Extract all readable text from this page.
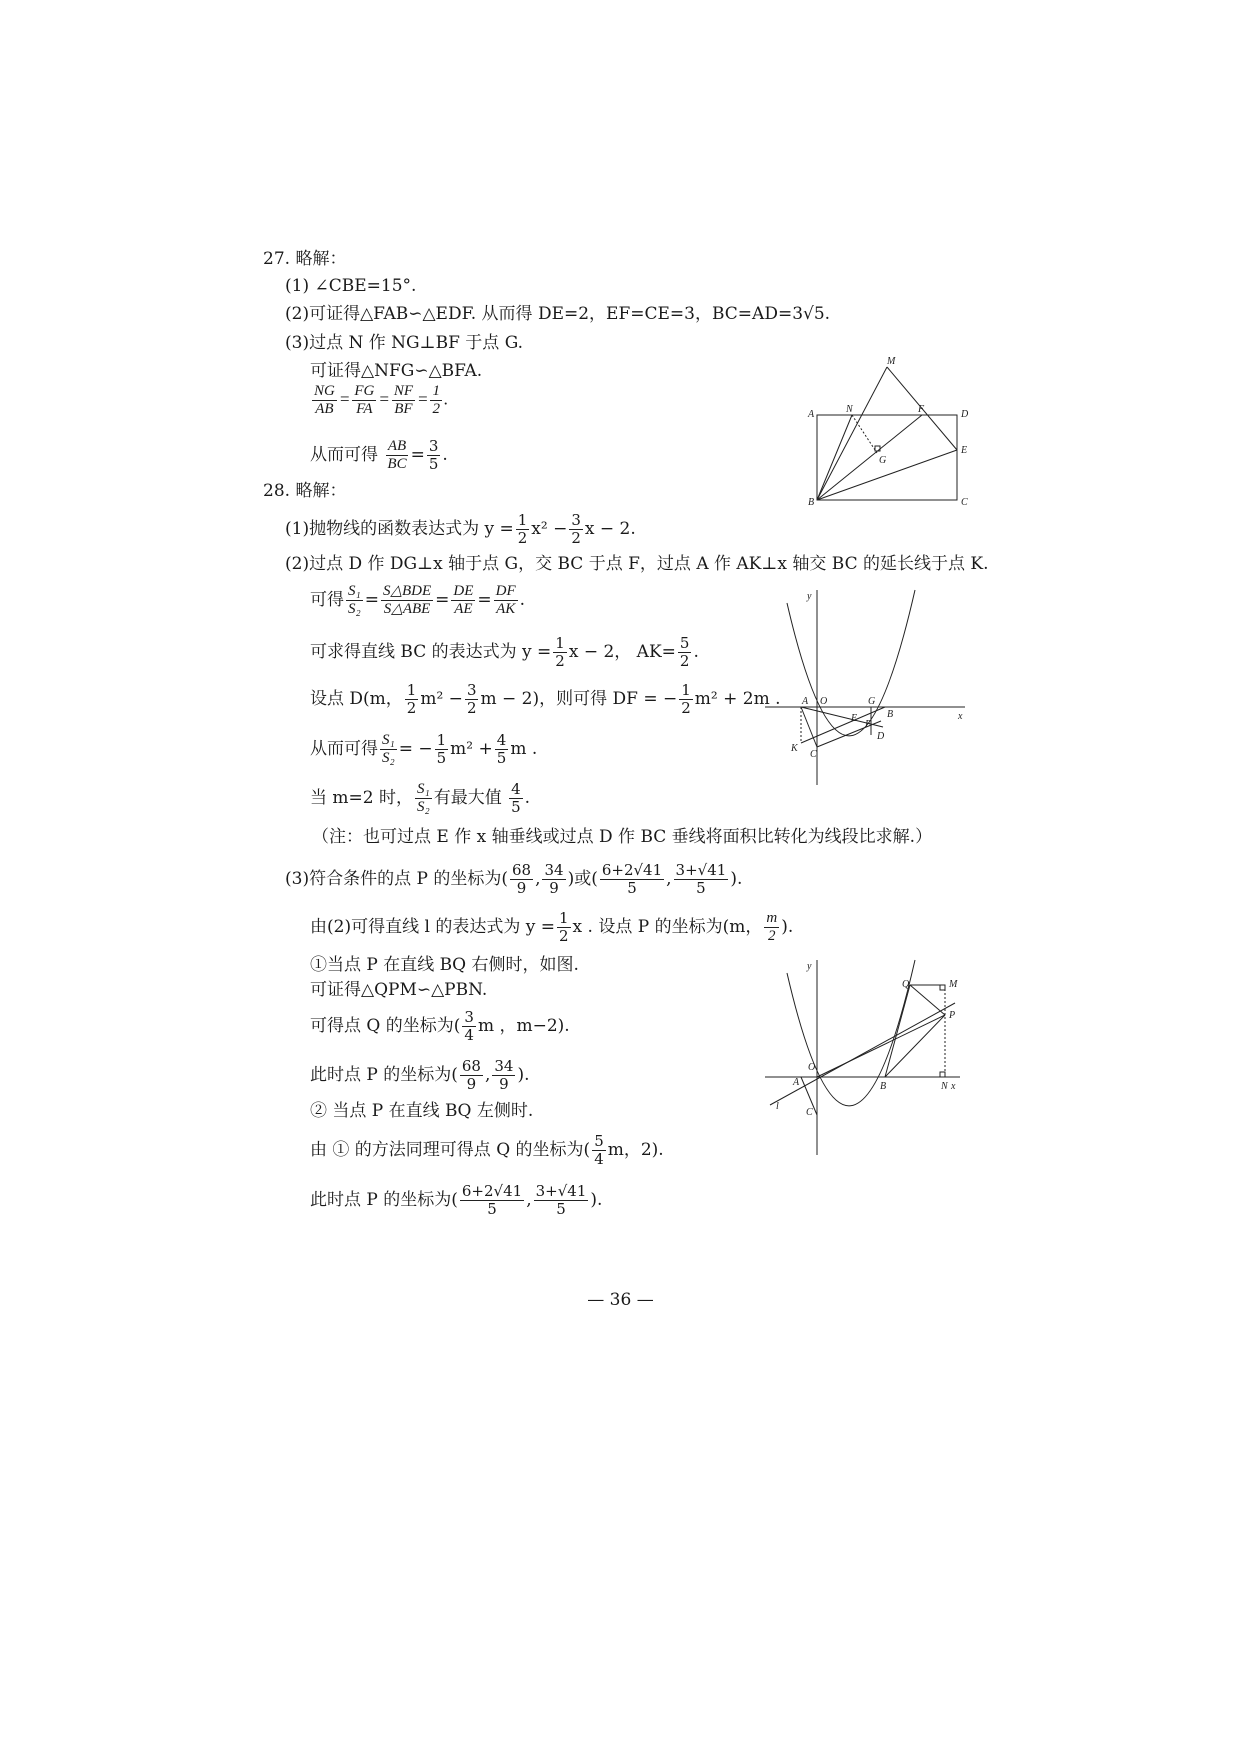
27. 略解：
(1) ∠CBE=15°.
(2)可证得△FAB∽△EDF. 从而得 DE=2，EF=CE=3，BC=AD=3√5.
(3)过点 N 作 NG⊥BF 于点 G.
可证得△NFG∽△BFA.
$\frac{NG}{AB} = \frac{FG}{FA} = \frac{NF}{BF} = \frac{1}{2}$ .
从而可得 $\frac{AB}{BC} = \frac{3}{5}$ .
M
A	N	F	D
G
E
B	C
28. 略解：
(1)抛物线的函数表达式为 $y = \frac{1}{2} x^2 - \frac{3}{2}$ x − 2.
(2)过点 D 作 DG⊥x 轴于点 G，交 BC 于点 F，过点 A 作 AK⊥x 轴交 BC 的延长线于点 K.
可得 $\frac{\text{S₁}}{\text{S₂}}$ = S△BDE
S△ABE = $\frac{DE}{AE} = \frac{DF}{AK}$ .
可求得直线 BC 的表达式为 $y = \frac{1}{2}$ x − 2， $AK= \frac{5}{2}$ .
设点 D(m， $\frac{1}{2} m^2 - \frac{3}{2}$ m − 2)，则可得 DF = − $\frac{1}{2} m^2 + 2m$ .
从而可得 $\frac{\text{S₁}}{\text{S₂}}$ = − $\frac{1}{5} m^2 + \frac{4}{5}$ m .
当 m=2 时， $\frac{\text{S₁}}{\text{S₂}}$ 有最大值 $\frac{4}{5}$ .
（注：也可过点 E 作 x 轴垂线或过点 D 作 BC 垂线将面积比转化为线段比求解.）
(3)符合条件的点 P 的坐标为( $\frac{68}{9}$ , $\frac{34}{9}$ )或( $\frac{6+2√41}{5}$ , $\frac{3+√41}{5}$ ).
由(2)可得直线 l 的表达式为 $y = \frac{1}{2}$ x . 设点 P 的坐标为(m， $\frac{m}{2}$ ).
①当点 P 在直线 BQ 右侧时，如图.
可证得△QPM∽△PBN.
可得点 Q 的坐标为( $\frac{3}{4}$ m ，m−2).
此时点 P 的坐标为( $\frac{68}{9}$ , $\frac{34}{9}$ ).
② 当点 P 在直线 BQ 左侧时.
由 ① 的方法同理可得点 Q 的坐标为( $\frac{5}{4}$ m，2).
此时点 P 的坐标为( $\frac{6+2√41}{5}$ , $\frac{3+√41}{5}$ ).
y
A O	G
E	B
F
D
K
C
x
y
Q	M
P
O
A	B	N x
l
C
— 36 —
